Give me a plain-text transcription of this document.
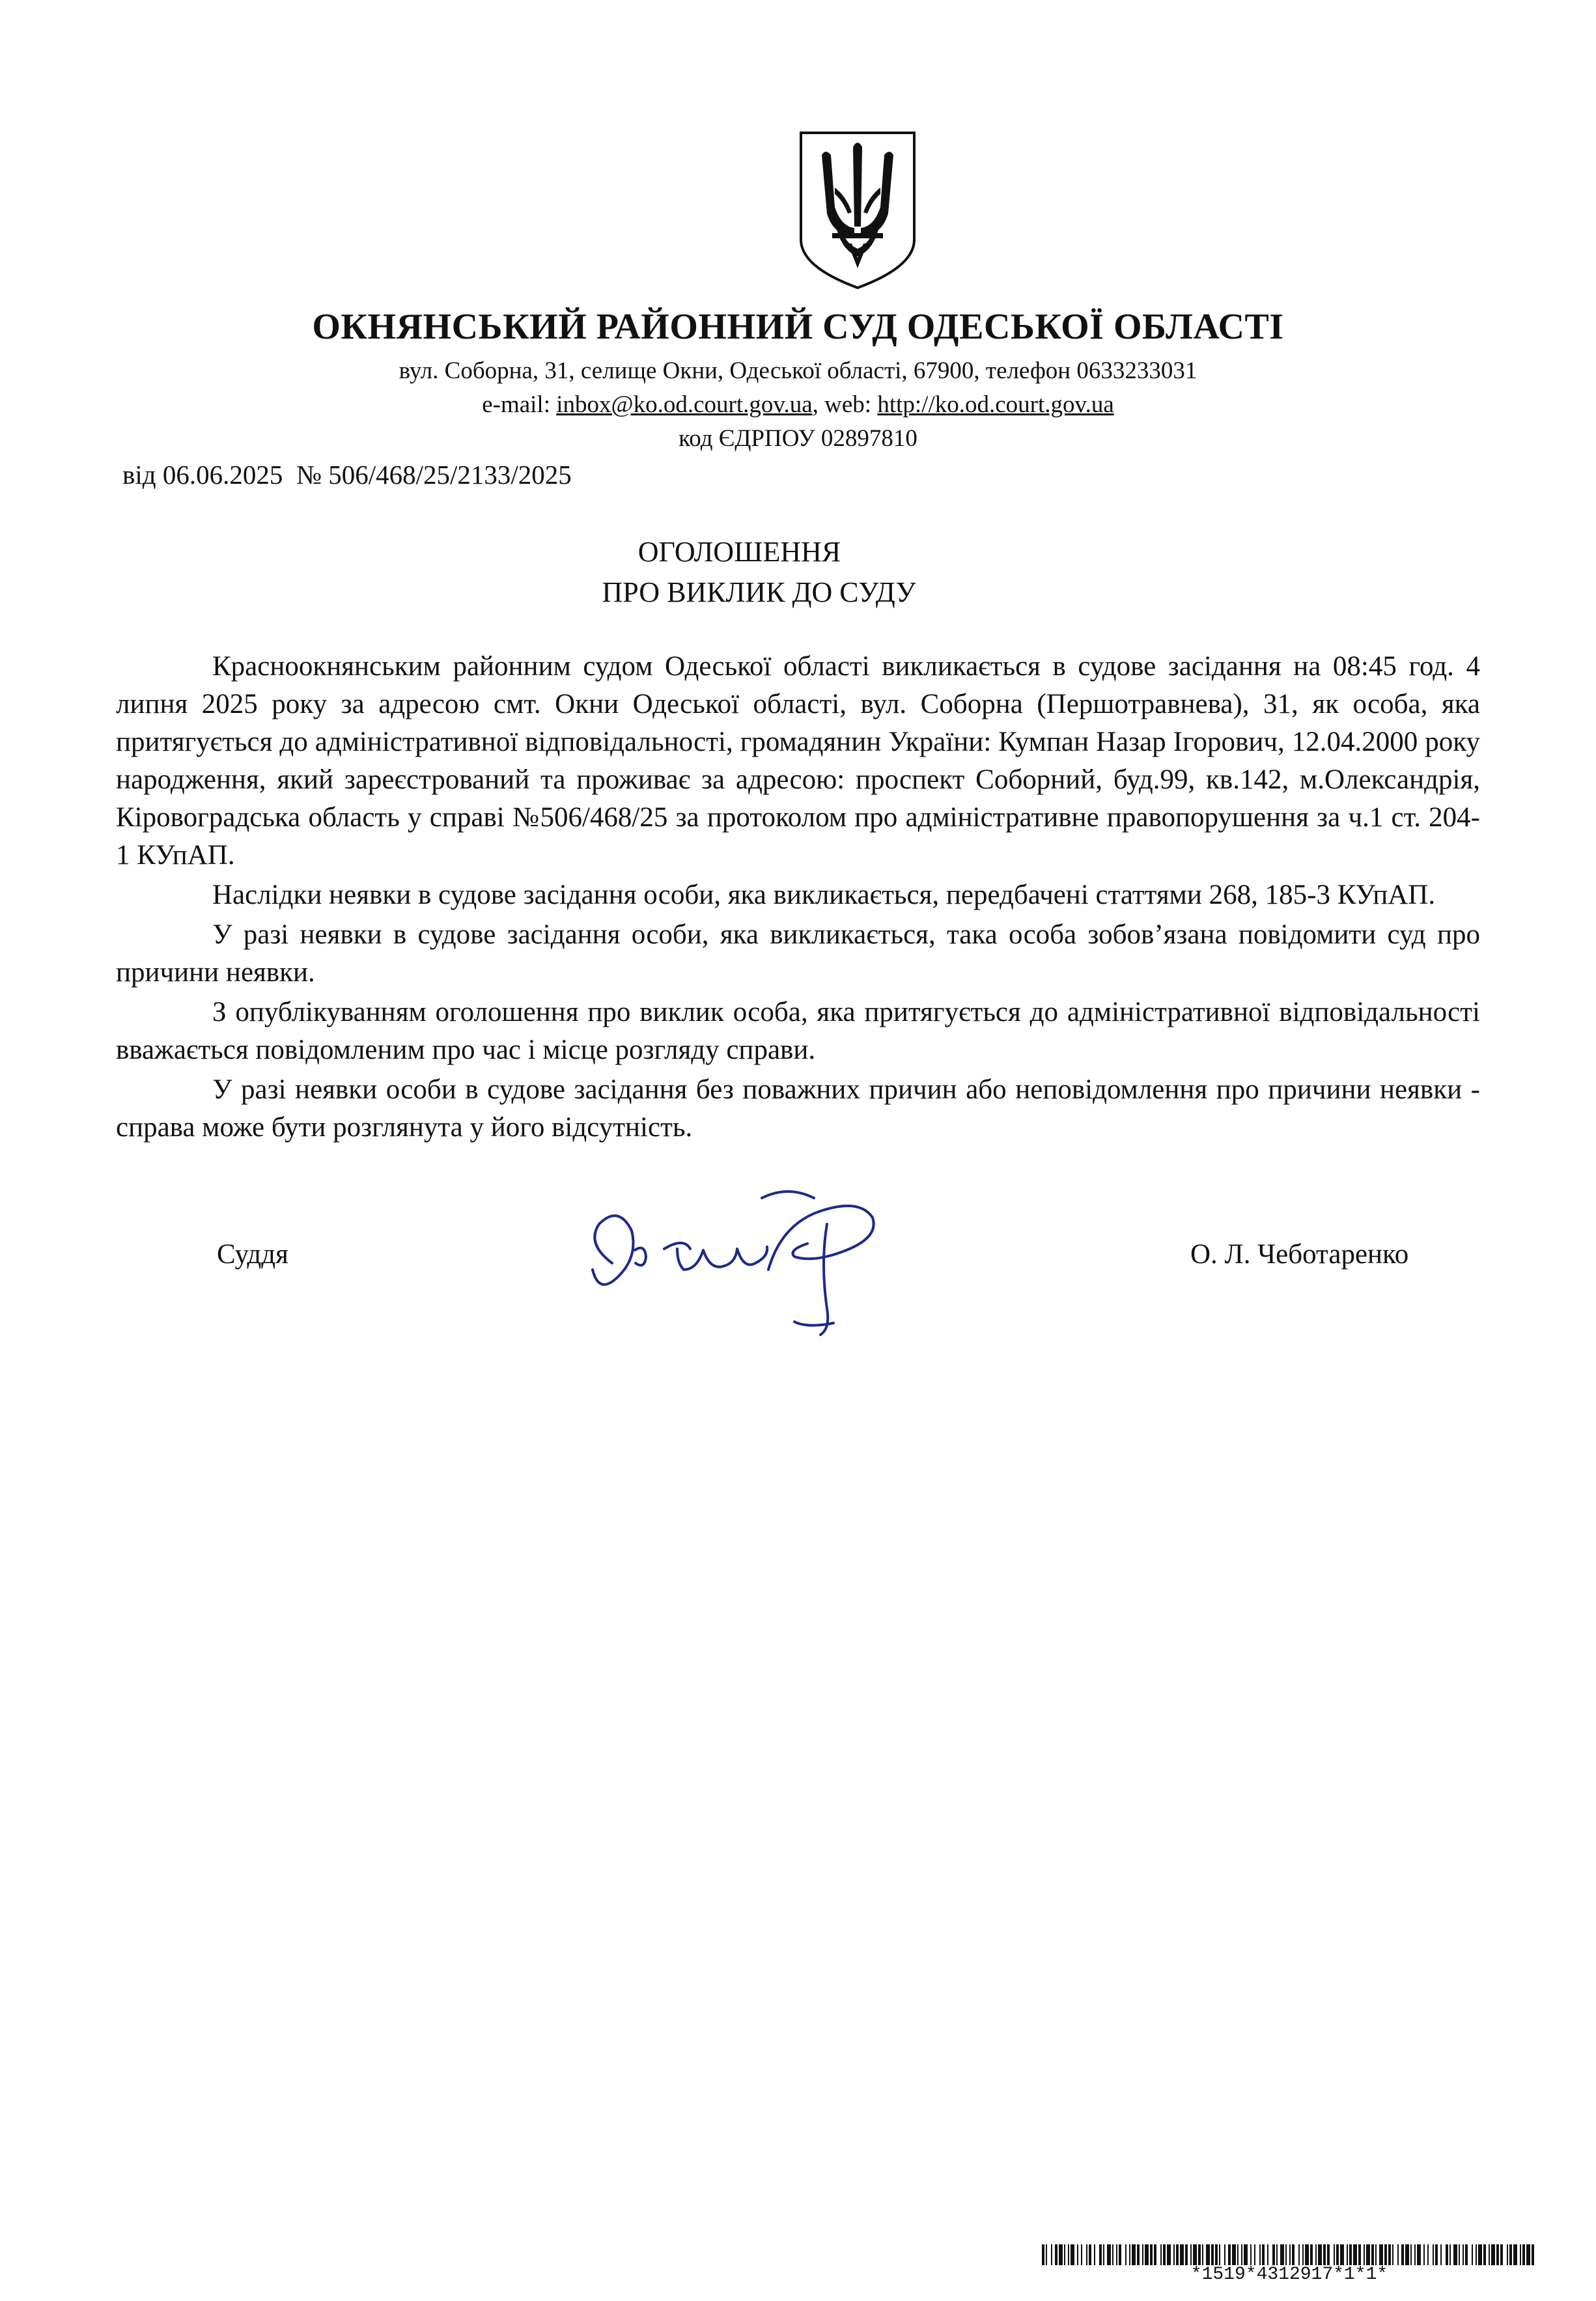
ОКНЯНСЬКИЙ РАЙОННИЙ СУД ОДЕСЬКОЇ ОБЛАСТІ
вул. Соборна, 31, селище Окни, Одеської області, 67900, телефон 0633233031
e-mail: inbox@ko.od.court.gov.ua, web: http://ko.od.court.gov.ua
код ЄДРПОУ 02897810
від 06.06.2025 № 506/468/25/2133/2025
ОГОЛОШЕННЯ
ПРО ВИКЛИК ДО СУДУ

Красноокнянським районним судом Одеської області викликається в судове засідання на 08:45 год. 4 липня 2025 року за адресою смт. Окни Одеської області, вул. Соборна (Першотравнева), 31, як особа, яка притягується до адміністративної відповідальності, громадянин України: Кумпан Назар Ігорович, 12.04.2000 року народження, який зареєстрований та проживає за адресою: проспект Соборний, буд.99, кв.142, м.Олександрія, Кіровоградська область у справі №506/468/25 за протоколом про адміністративне правопорушення за ч.1 ст. 204-1 КУпАП.

Наслідки неявки в судове засідання особи, яка викликається, передбачені статтями 268, 185-3 КУпАП.

У разі неявки в судове засідання особи, яка викликається, така особа зобов’язана повідомити суд про причини неявки.

З опублікуванням оголошення про виклик особа, яка притягується до адміністративної відповідальності вважається повідомленим про час і місце розгляду справи.

У разі неявки особи в судове засідання без поважних причин або неповідомлення про причини неявки - справа може бути розглянута у його відсутність.

Суддя	О. Л. Чеботаренко
*1519*4312917*1*1*
